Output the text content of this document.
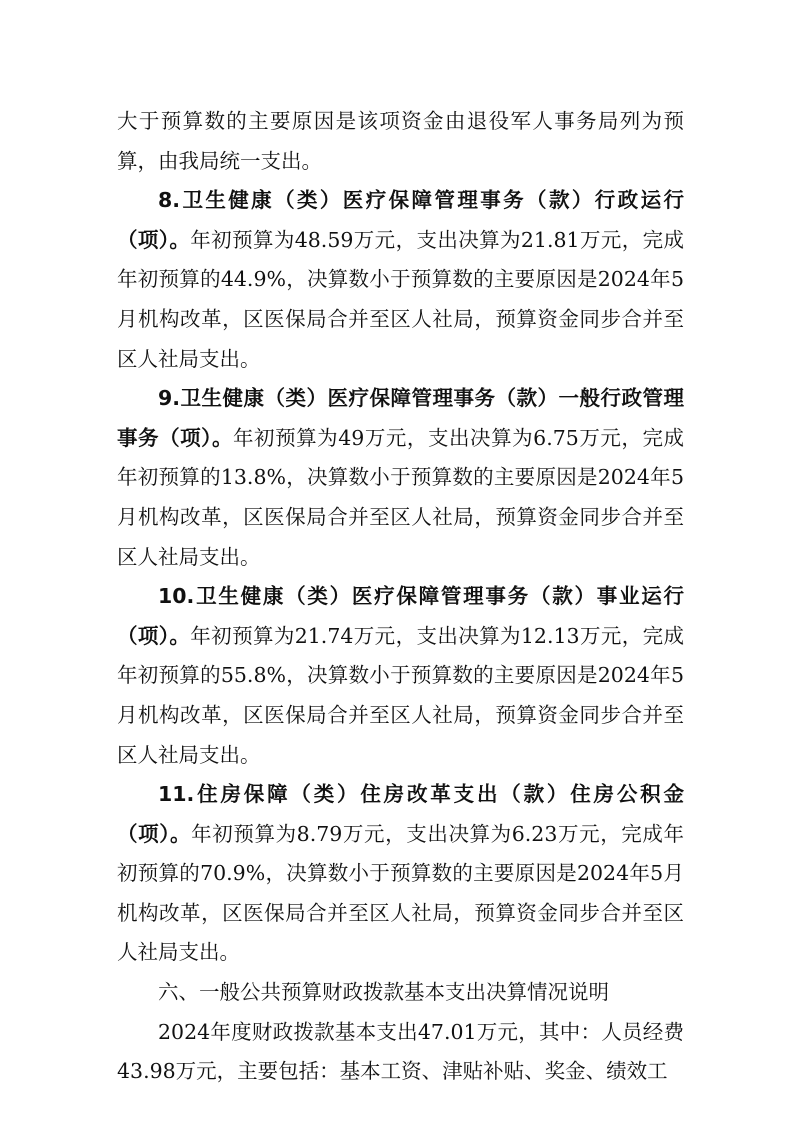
大于预算数的主要原因是该项资金由退役军人事务局列为预算，由我局统一支出。

8.卫生健康（类）医疗保障管理事务（款）行政运行（项）。年初预算为48.59万元，支出决算为21.81万元，完成年初预算的44.9%，决算数小于预算数的主要原因是2024年5月机构改革，区医保局合并至区人社局，预算资金同步合并至区人社局支出。

9.卫生健康（类）医疗保障管理事务（款）一般行政管理事务（项）。年初预算为49万元，支出决算为6.75万元，完成年初预算的13.8%，决算数小于预算数的主要原因是2024年5月机构改革，区医保局合并至区人社局，预算资金同步合并至区人社局支出。

10.卫生健康（类）医疗保障管理事务（款）事业运行（项）。年初预算为21.74万元，支出决算为12.13万元，完成年初预算的55.8%，决算数小于预算数的主要原因是2024年5月机构改革，区医保局合并至区人社局，预算资金同步合并至区人社局支出。

11.住房保障（类）住房改革支出（款）住房公积金（项）。年初预算为8.79万元，支出决算为6.23万元，完成年初预算的70.9%，决算数小于预算数的主要原因是2024年5月机构改革，区医保局合并至区人社局，预算资金同步合并至区人社局支出。

六、一般公共预算财政拨款基本支出决算情况说明

2024年度财政拨款基本支出47.01万元，其中：人员经费43.98万元，主要包括：基本工资、津贴补贴、奖金、绩效工
